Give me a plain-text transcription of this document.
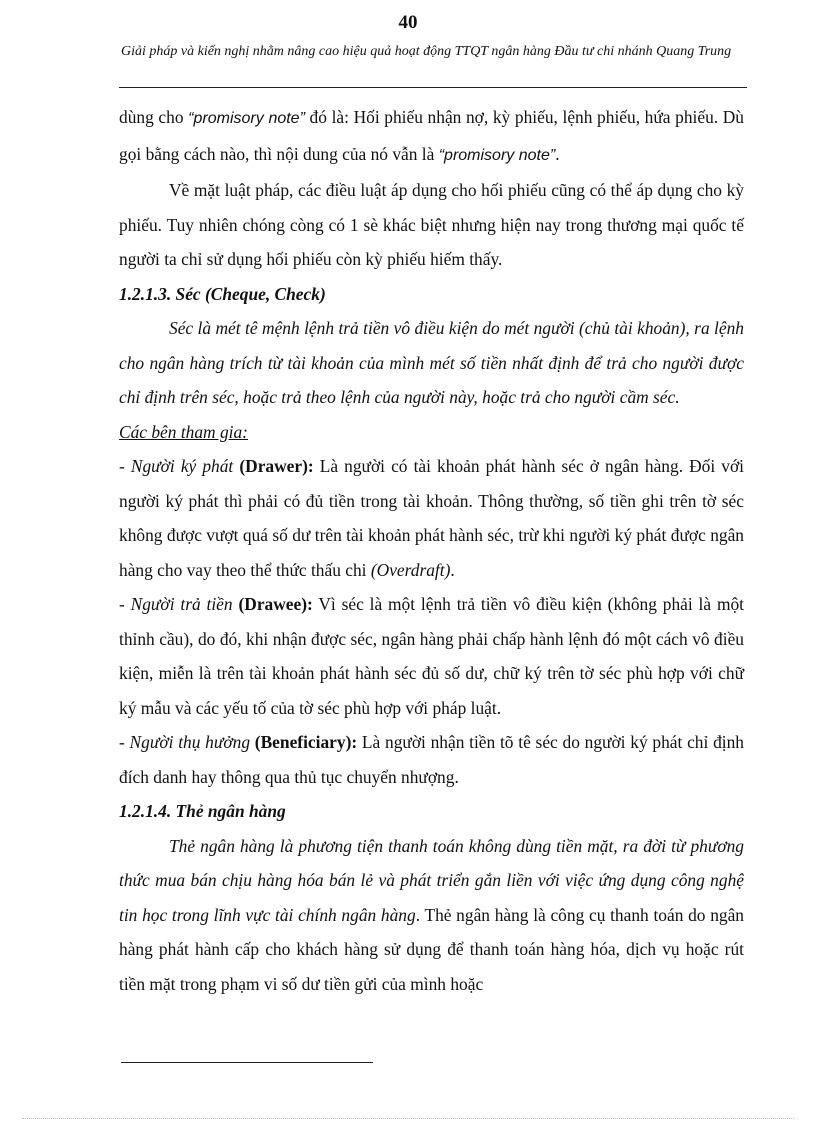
40
Giải pháp và kiến nghị nhằm nâng cao hiệu quả hoạt động TTQT ngân hàng Đầu tư chi nhánh Quang Trung

dùng cho “promisory note” đó là: Hối phiếu nhận nợ, kỳ phiếu, lệnh phiếu, hứa phiếu. Dù gọi bằng cách nào, thì nội dung của nó vẫn là “promisory note”.

Về mặt luật pháp, các điều luật áp dụng cho hối phiếu cũng có thể áp dụng cho kỳ phiếu. Tuy nhiên chóng còng có 1 sè khác biệt nhưng hiện nay trong thương mại quốc tế người ta chỉ sử dụng hối phiếu còn kỳ phiếu hiếm thấy.

1.2.1.3. Séc (Cheque, Check)

Séc là mét tê mệnh lệnh trả tiền vô điều kiện do mét người (chủ tài khoản), ra lệnh cho ngân hàng trích từ tài khoản của mình mét số tiền nhất định để trả cho người được chỉ định trên séc, hoặc trả theo lệnh của người này, hoặc trả cho người cầm séc.

Các bên tham gia:

- Người ký phát (Drawer): Là người có tài khoản phát hành séc ở ngân hàng. Đối với người ký phát thì phải có đủ tiền trong tài khoản. Thông thường, số tiền ghi trên tờ séc không được vượt quá số dư trên tài khoản phát hành séc, trừ khi người ký phát được ngân hàng cho vay theo thể thức thấu chi (Overdraft).

- Người trả tiền (Drawee): Vì séc là một lệnh trả tiền vô điều kiện (không phải là một thỉnh cầu), do đó, khi nhận được séc, ngân hàng phải chấp hành lệnh đó một cách vô điều kiện, miễn là trên tài khoản phát hành séc đủ số dư, chữ ký trên tờ séc phù hợp với chữ ký mẫu và các yếu tố của tờ séc phù hợp với pháp luật.

- Người thụ hưởng (Beneficiary): Là người nhận tiền tõ tê séc do người ký phát chỉ định đích danh hay thông qua thủ tục chuyển nhượng.

1.2.1.4. Thẻ ngân hàng

Thẻ ngân hàng là phương tiện thanh toán không dùng tiền mặt, ra đời từ phương thức mua bán chịu hàng hóa bán lẻ và phát triển gắn liền với việc ứng dụng công nghệ tin học trong lĩnh vực tài chính ngân hàng. Thẻ ngân hàng là công cụ thanh toán do ngân hàng phát hành cấp cho khách hàng sử dụng để thanh toán hàng hóa, dịch vụ hoặc rút tiền mặt trong phạm vi số dư tiền gửi của mình hoặc
